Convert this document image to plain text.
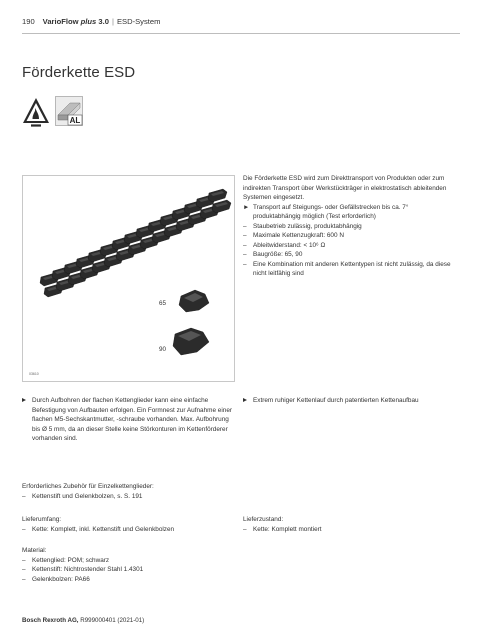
190 VarioFlow plus 3.0 | ESD-System
Förderkette ESD
AL
65
90
03610
Die Förderkette ESD wird zum Direkttransport von Produkten oder zum indirekten Transport über Werkstückträger in elektrostatisch ableitenden Systemen eingesetzt.
► Transport auf Steigungs- oder Gefällstrecken bis ca. 7° produktabhängig möglich (Test erforderlich)
– Staubetrieb zulässig, produktabhängig
– Maximale Kettenzugkraft: 600 N
– Ableitwiderstand: < 10⁶ Ω
– Baugröße: 65, 90
– Eine Kombination mit anderen Kettentypen ist nicht zulässig, da diese nicht leitfähig sind
Durch Aufbohren der flachen Kettenglieder kann eine einfache Befestigung von Aufbauten erfolgen. Ein Formnest zur Aufnahme einer flachen M5-Sechskantmutter, -schraube vorhanden. Max. Aufbohrung bis Ø 5 mm, da an dieser Stelle keine Störkonturen im Kettenförderer vorhanden sind.
Extrem ruhiger Kettenlauf durch patentierten Kettenaufbau
Erforderliches Zubehör für Einzelkettenglieder:
– Kettenstift und Gelenkbolzen, s. S. 191
Lieferumfang:
– Kette: Komplett, inkl. Kettenstift und Gelenkbolzen
Lieferzustand:
– Kette: Komplett montiert
Material:
– Kettenglied: POM; schwarz
– Kettenstift: Nichtrostender Stahl 1.4301
– Gelenkbolzen: PA66
Bosch Rexroth AG, R999000401 (2021-01)
